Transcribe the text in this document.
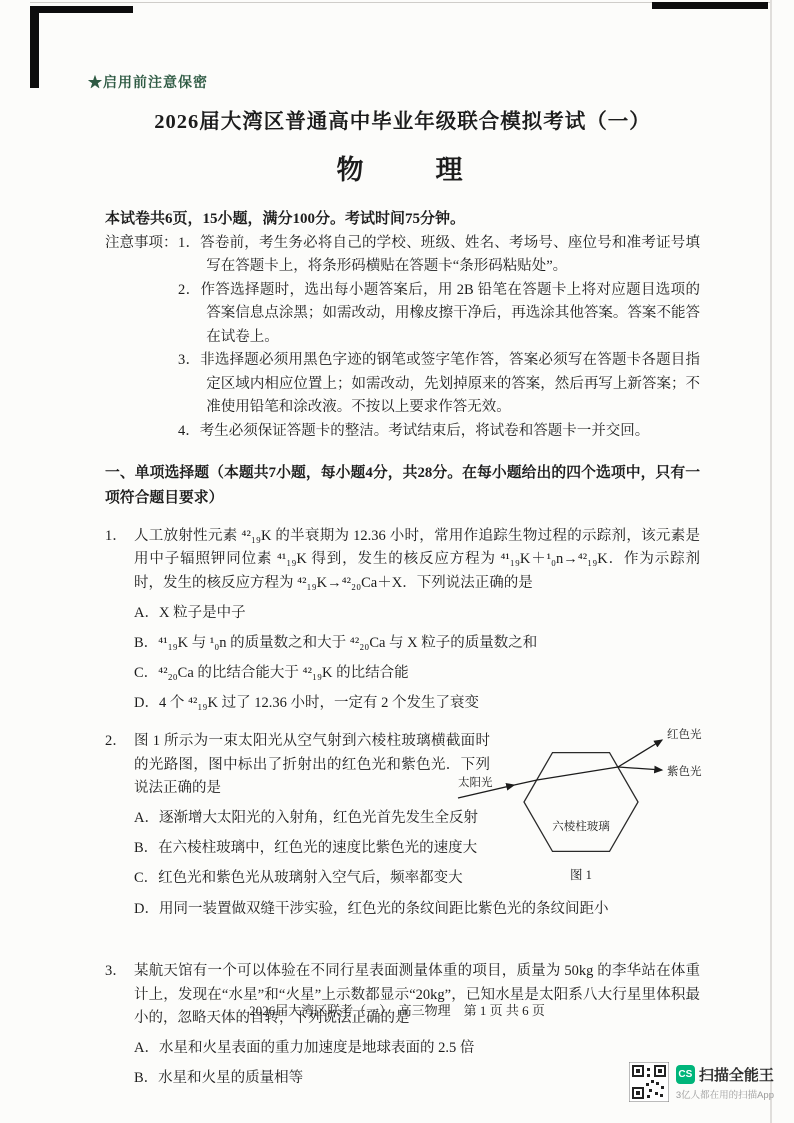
★启用前注意保密
2026届大湾区普通高中毕业年级联合模拟考试（一）
物　　理
本试卷共6页，15小题，满分100分。考试时间75分钟。
注意事项： 1．答卷前，考生务必将自己的学校、班级、姓名、考场号、座位号和准考证号填写在答题卡上，将条形码横贴在答题卡“条形码粘贴处”。
2．作答选择题时，选出每小题答案后，用 2B 铅笔在答题卡上将对应题目选项的答案信息点涂黑；如需改动，用橡皮擦干净后，再选涂其他答案。答案不能答在试卷上。
3．非选择题必须用黑色字迹的钢笔或签字笔作答，答案必须写在答题卡各题目指定区域内相应位置上；如需改动，先划掉原来的答案，然后再写上新答案；不准使用铅笔和涂改液。不按以上要求作答无效。
4．考生必须保证答题卡的整洁。考试结束后，将试卷和答题卡一并交回。
一、单项选择题（本题共7小题，每小题4分，共28分。在每小题给出的四个选项中，只有一项符合题目要求）
1． 人工放射性元素 ⁴²₁₉K 的半衰期为 12.36 小时，常用作追踪生物过程的示踪剂，该元素是用中子辐照钾同位素 ⁴¹₁₉K 得到，发生的核反应方程为 ⁴¹₁₉K＋¹₀n→⁴²₁₉K．作为示踪剂时，发生的核反应方程为 ⁴²₁₉K→⁴²₂₀Ca＋X．下列说法正确的是
A．X 粒子是中子
B．⁴¹₁₉K 与 ¹₀n 的质量数之和大于 ⁴²₂₀Ca 与 X 粒子的质量数之和
C．⁴²₂₀Ca 的比结合能大于 ⁴²₁₉K 的比结合能
D．4 个 ⁴²₁₉K 过了 12.36 小时，一定有 2 个发生了衰变
2． 图 1 所示为一束太阳光从空气射到六棱柱玻璃横截面时的光路图，图中标出了折射出的红色光和紫色光．下列说法正确的是
A．逐渐增大太阳光的入射角，红色光首先发生全反射
B．在六棱柱玻璃中，红色光的速度比紫色光的速度大
C．红色光和紫色光从玻璃射入空气后，频率都变大
D．用同一装置做双缝干涉实验，红色光的条纹间距比紫色光的条纹间距小
太阳光
红色光
紫色光
六棱柱玻璃
图 1
3． 某航天馆有一个可以体验在不同行星表面测量体重的项目，质量为 50kg 的李华站在体重计上，发现在“水星”和“火星”上示数都显示“20kg”，已知水星是太阳系八大行星里体积最小的，忽略天体的自转，下列说法正确的是
A．水星和火星表面的重力加速度是地球表面的 2.5 倍
B．水星和火星的质量相等
2026届大湾区联考（一）　高三物理　第 1 页 共 6 页
CS 扫描全能王
3亿人都在用的扫描App
